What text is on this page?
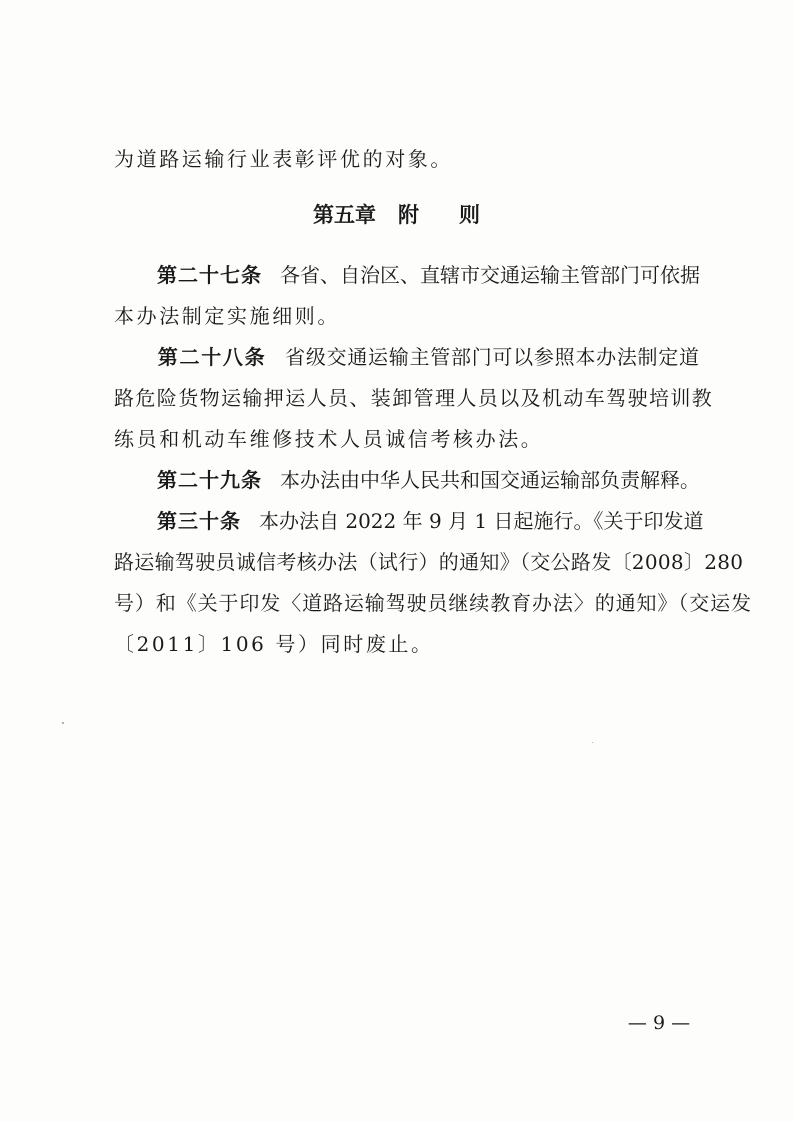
为道路运输行业表彰评优的对象。
第五章 附 则
第二十七条 各省、自治区、直辖市交通运输主管部门可依据
本办法制定实施细则。
第二十八条 省级交通运输主管部门可以参照本办法制定道
路危险货物运输押运人员、装卸管理人员以及机动车驾驶培训教
练员和机动车维修技术人员诚信考核办法。
第二十九条 本办法由中华人民共和国交通运输部负责解释。
第三十条 本办法自 2022 年 9 月 1 日起施行。《关于印发道
路运输驾驶员诚信考核办法（试行）的通知》（交公路发〔2008〕280
号）和《关于印发〈道路运输驾驶员继续教育办法〉的通知》（交运发
〔2011〕106 号）同时废止。
— 9 —
